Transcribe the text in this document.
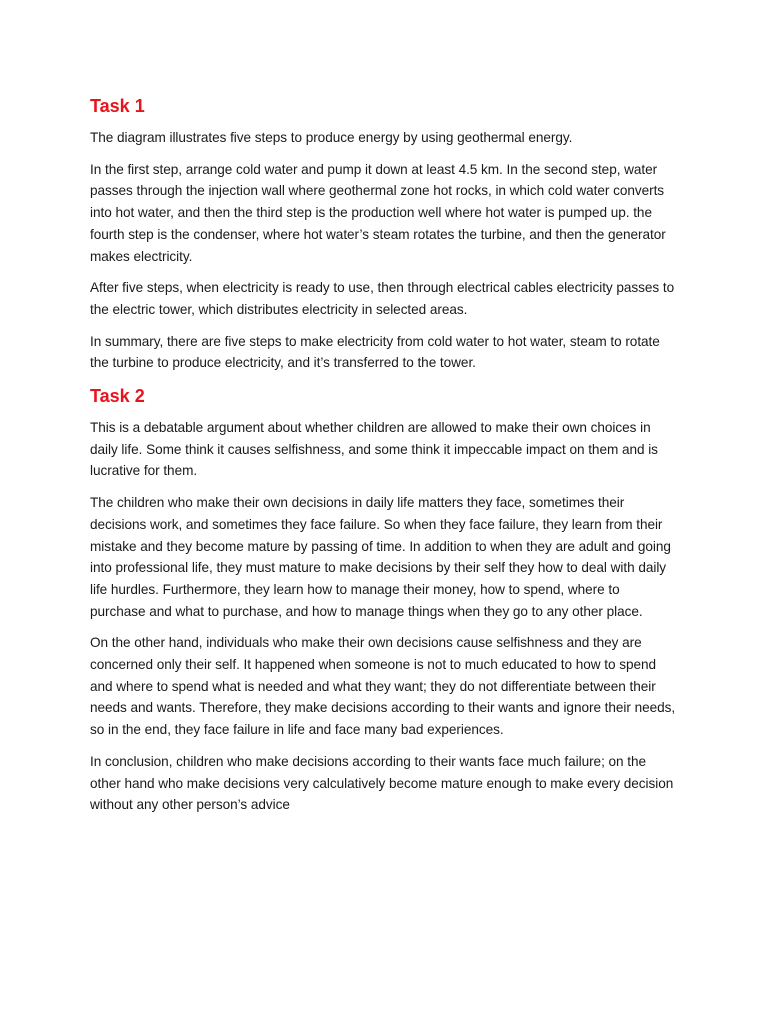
Task 1

The diagram illustrates five steps to produce energy by using geothermal energy.

In the first step, arrange cold water and pump it down at least 4.5 km. In the second step, water passes through the injection wall where geothermal zone hot rocks, in which cold water converts into hot water, and then the third step is the production well where hot water is pumped up. the fourth step is the condenser, where hot water’s steam rotates the turbine, and then the generator makes electricity.

After five steps, when electricity is ready to use, then through electrical cables electricity passes to the electric tower, which distributes electricity in selected areas.

In summary, there are five steps to make electricity from cold water to hot water, steam to rotate the turbine to produce electricity, and it’s transferred to the tower.

Task 2

This is a debatable argument about whether children are allowed to make their own choices in daily life. Some think it causes selfishness, and some think it impeccable impact on them and is lucrative for them.

The children who make their own decisions in daily life matters they face, sometimes their decisions work, and sometimes they face failure. So when they face failure, they learn from their mistake and they become mature by passing of time. In addition to when they are adult and going into professional life, they must mature to make decisions by their self they how to deal with daily life hurdles. Furthermore, they learn how to manage their money, how to spend, where to purchase and what to purchase, and how to manage things when they go to any other place.

On the other hand, individuals who make their own decisions cause selfishness and they are concerned only their self. It happened when someone is not to much educated to how to spend and where to spend what is needed and what they want; they do not differentiate between their needs and wants. Therefore, they make decisions according to their wants and ignore their needs, so in the end, they face failure in life and face many bad experiences.

In conclusion, children who make decisions according to their wants face much failure; on the other hand who make decisions very calculatively become mature enough to make every decision without any other person’s advice
